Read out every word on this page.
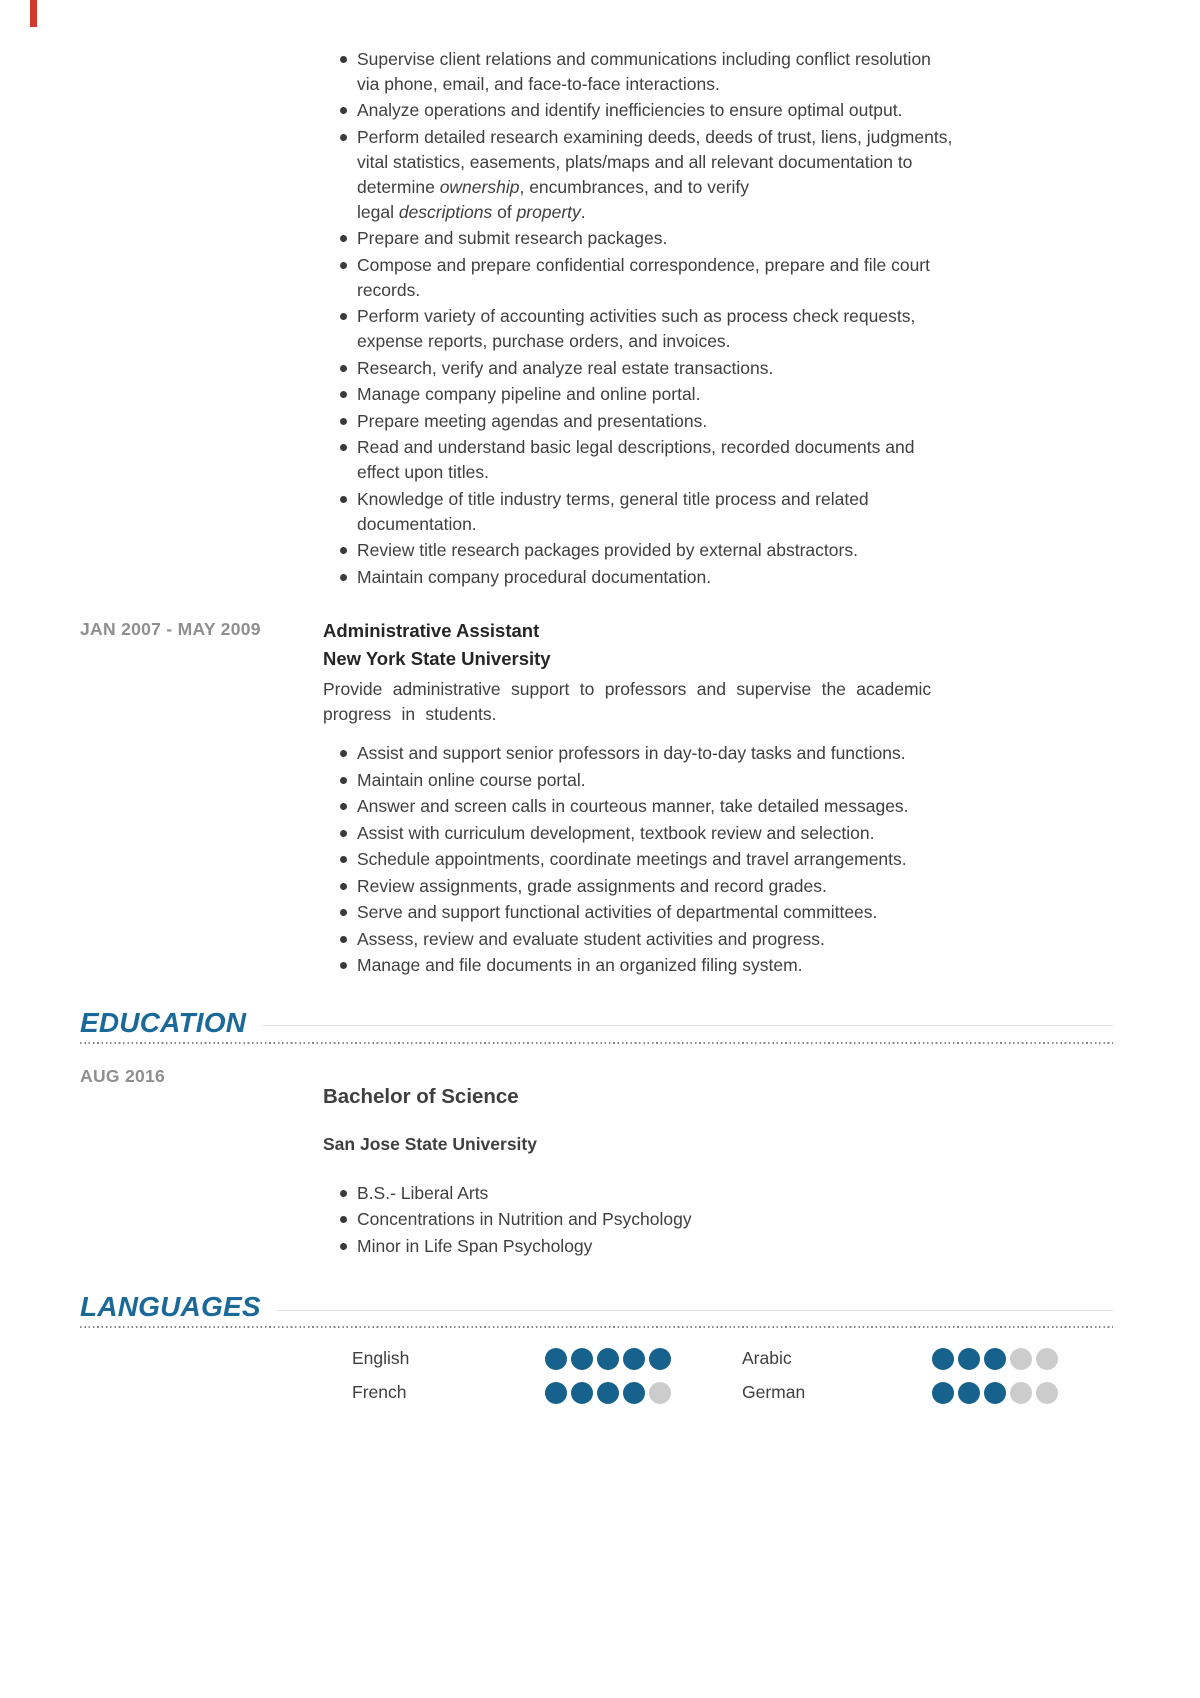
Supervise client relations and communications including conflict resolution
via phone, email, and face-to-face interactions.
Analyze operations and identify inefficiencies to ensure optimal output.
Perform detailed research examining deeds, deeds of trust, liens, judgments,
vital statistics, easements, plats/maps and all relevant documentation to
determine ownership, encumbrances, and to verify
legal descriptions of property.
Prepare and submit research packages.
Compose and prepare confidential correspondence, prepare and file court
records.
Perform variety of accounting activities such as process check requests,
expense reports, purchase orders, and invoices.
Research, verify and analyze real estate transactions.
Manage company pipeline and online portal.
Prepare meeting agendas and presentations.
Read and understand basic legal descriptions, recorded documents and
effect upon titles.
Knowledge of title industry terms, general title process and related
documentation.
Review title research packages provided by external abstractors.
Maintain company procedural documentation.
JAN 2007 - MAY 2009	Administrative Assistant
New York State University

Provide administrative support to professors and supervise the academic
progress in students.

Assist and support senior professors in day-to-day tasks and functions.
Maintain online course portal.
Answer and screen calls in courteous manner, take detailed messages.
Assist with curriculum development, textbook review and selection.
Schedule appointments, coordinate meetings and travel arrangements.
Review assignments, grade assignments and record grades.
Serve and support functional activities of departmental committees.
Assess, review and evaluate student activities and progress.
Manage and file documents in an organized filing system.
EDUCATION
AUG 2016
Bachelor of Science
San Jose State University
B.S.- Liberal Arts
Concentrations in Nutrition and Psychology
Minor in Life Span Psychology
LANGUAGES
English	Arabic
French	German
